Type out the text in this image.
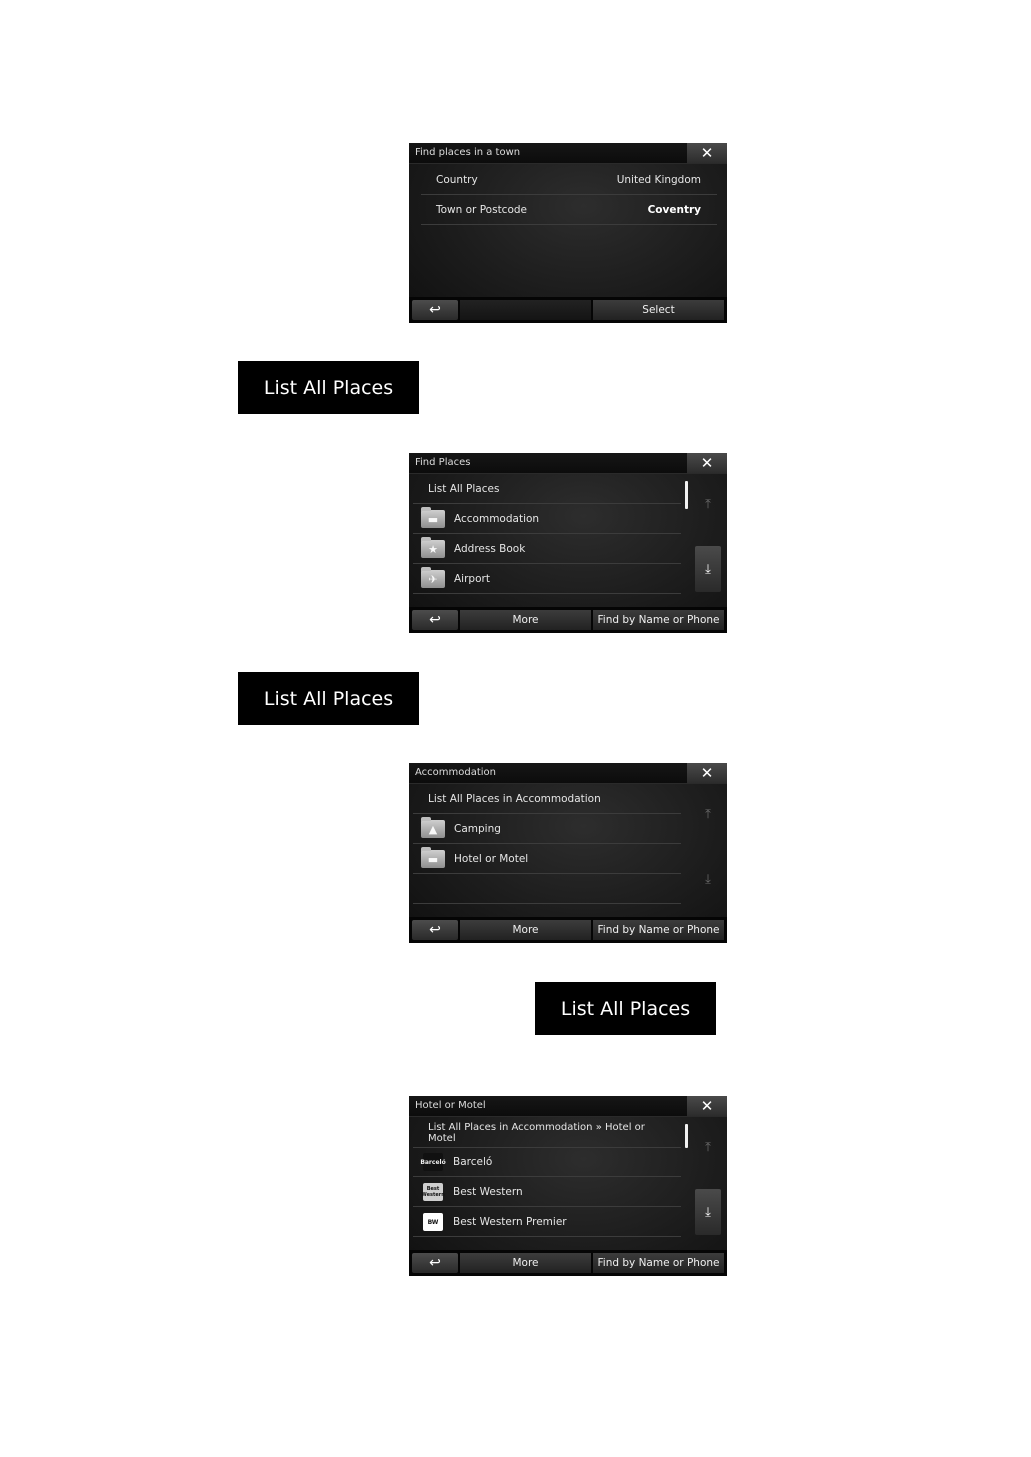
Find places in a town	✕
Country	United Kingdom
Town or Postcode	Coventry
↩	Select
List All Places
Find Places	✕
List All Places
▬	Accommodation
★	Address Book
✈	Airport
⤒
⤓
↩	More	Find by Name or Phone
List All Places
Accommodation	✕
List All Places in Accommodation
▲	Camping
▬	Hotel or Motel
⤒
⤓
↩	More	Find by Name or Phone
List All Places
Hotel or Motel	✕
List All Places in Accommodation » Hotel or
Motel
Barceló Barceló
Best Western Best Western
BW Best Western Premier
⤒
⤓
↩	More	Find by Name or Phone
